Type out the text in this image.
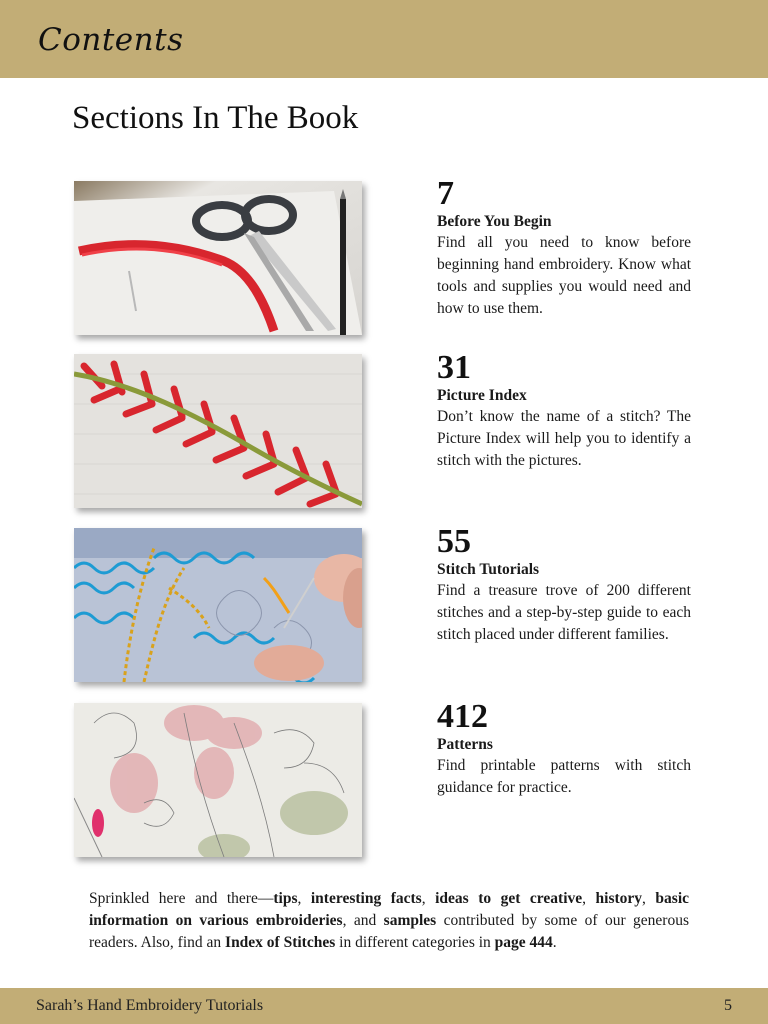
Contents
Sections In The Book
7
Before You Begin
Find all you need to know before beginning hand embroidery. Know what tools and supplies you would need and how to use them.
31
Picture Index
Don’t know the name of a stitch? The Picture Index will help you to identify a stitch with the pictures.
55
Stitch Tutorials
Find a treasure trove of 200 different stitches and a step-by-step guide to each stitch placed under different families.
412
Patterns
Find printable patterns with stitch guidance for practice.

Sprinkled here and there—tips, interesting facts, ideas to get creative, history, basic information on various embroideries, and samples contributed by some of our generous readers. Also, find an Index of Stitches in different categories in page 444.

Sarah’s Hand Embroidery Tutorials	5
